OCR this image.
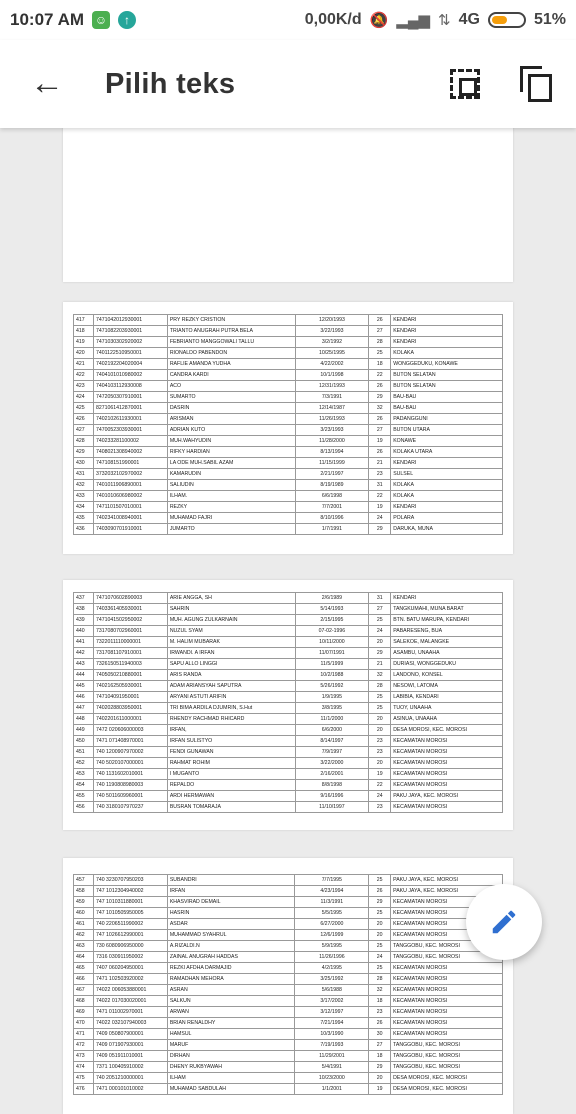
10:07 AM ☺	↑	0,00K/d 🔕 ▂▄▆ ⇅ 4G	51%
← Pilih teks

417	7471042012930001	PRY REZKY CRISTION	12/20/1993	26	KENDARI
418	7471082203930001	TRIANTO ANUGRAH PUTRA BELA	3/22/1993	27	KENDARI
419	7471030302920002	FEBRIANTO MANGGOWALI TALLU	3/2/1992	28	KENDARI
420	7401122510950001	RIONALDO PABENDON	10/25/1995	25	KOLAKA
421	7402192204020004	RAFLIE AMANDA YUDHA	4/22/2002	18	WONGGEDUKU, KONAWE
422	7404101010980002	CANDRA KARDI	10/1/1998	22	BUTON SELATAN
423	7404103112930008	ACO	12/31/1993	26	BUTON SELATAN
424	7472050307910001	SUMARTO	7/3/1991	29	BAU-BAU
425	8271061412870001	DASRIN	12/14/1987	32	BAU-BAU
426	7402102611930001	ARISMAN	11/26/1993	26	PADANGGUNI
427	7470052303930001	ADRIAN KUTO	3/23/1993	27	BUTON UTARA
428	740233281100002	MUH.WAHYUDIN	11/28/2000	19	KONAWE
429	7408021308940002	RIFKY HARDIAN	8/13/1994	26	KOLAKA UTARA
430	747108151990001	LA ODE MUH.SABIL AZAM	11/15/1999	21	KENDARI
431	3732032102970002	KAMARUDIN	2/21/1997	23	SULSEL
432	7401011906890001	SALIUDIN	8/19/1989	31	KOLAKA
433	7401010606980002	ILHAM.	6/6/1998	22	KOLAKA
434	7471101507010001	REZKY	7/7/2001	19	KENDARI
435	7402341008940001	MUHAMAD FAJRI	8/10/1996	24	POLARA
436	7403090701910001	JUMARTO	1/7/1991	29	DARUKA, MUNA
437	7471070602890003	ARIE ANGGA, SH	2/6/1989	31	KENDARI
438	7403361405930001	SAHRIN	5/14/1993	27	TANGKUMAHI, MUNA BARAT
439	7471041502950002	MUH. AGUNG ZULKARNAIN	2/15/1995	25	BTN. BATU MARUPA, KENDARI
440	7317080702960001	NUZUL SYAM	07-02-1996	24	PABARESENG, BUA
441	7322011110000001	M. HALIM MUBARAK	10/11/2000	20	SALEKOE, MALANGKE
442	7317081107910001	IRWANDI. A IRFAN	11/07/1991	29	ASAMBU, UNAAHA
443	7326150511940003	SAPU ALLO LINGGI	11/5/1999	21	DURIASI, WONGGEDUKU
444	7405050210880001	ARIS RANDA	10/2/1988	32	LANDONO, KONSEL
445	7402162505930001	ADAM ARIANSYAH SAPUTRA	5/26/1992	28	NESOWI, LATOMA
446	747104091950001	ARYANI ASTUTI ARIFIN	1/9/1995	25	LABIBIA, KENDARI
447	7402028803950001	TRI BIMA ARDILA DJUMRIN, S.Hut	3/8/1995	25	TUOY, UNAAHA
448	7402201611000001	RHENDY RACHMAD RHICARD	11/1/2000	20	ASINUA, UNAAHA
449	7472 020606000003	IRFAN,	6/6/2000	20	DESA MOROSI, KEC. MOROSI
450	7471 071408970001	IRFAN SULISTYO	8/14/1997	23	KECAMATAN MOROSI
451	740 1200907970002	FENDI GUNAWAN	7/9/1997	23	KECAMATAN MOROSI
452	740 5020107000001	RAHMAT ROHIM	3/22/2000	20	KECAMATAN MOROSI
453	740 1131602010001	I MUGANTO	2/16/2001	19	KECAMATAN MOROSI
454	740 1190808980003	REPALDO	8/8/1998	22	KECAMATAN MOROSI
455	740 5011609960001	ARDI HERMAWAN	9/16/1996	24	PAKU JAYA, KEC. MOROSI
456	740 3180107970237	BUSRAN TOMARAJA	11/10/1997	23	KECAMATAN MOROSI
457	740 3230707950203	SUBANDRI	7/7/1995	25	PAKU JAYA, KEC. MOROSI
458	747 1012304940002	IRFAN	4/23/1994	26	PAKU JAYA, KEC. MOROSI
459	747 1010311880001	KHASVIRAD DEMAIL	11/3/1991	29	KECAMATAN MOROSI
460	747 1010505950005	HASRIN	5/5/1995	25	KECAMATAN MOROSI
461	740 2206511990002	ASDAR	6/27/2000	20	KECAMATAN MOROSI
462	747 1026612990001	MUHAMMAD SYAHRUL	12/6/1999	20	KECAMATAN MOROSI
463	730 6080906950000	A.RIZALDI.N	5/9/1995	25	TANGGOBU, KEC. MOROSI
464	7316 030911950002	ZAINAL ANUGRAH HADDAS	11/26/1996	24	TANGGOBU, KEC. MOROSI
465	7407 060204950001	REZKI AFDHA DARMAJID	4/2/1995	25	KECAMATAN MOROSI
466	7471 102503920002	RAMADHAN MEHORA	3/25/1992	28	KECAMATAN MOROSI
467	74022 006053880001	ASRAN	5/6/1988	32	KECAMATAN MOROSI
468	74022 017030020001	SALKUN	3/17/2002	18	KECAMATAN MOROSI
469	7471 011002970001	ARWAN	3/12/1997	23	KECAMATAN MOROSI
470	74022 032107940003	BRIAN RENALDHY	7/21/1994	26	KECAMATAN MOROSI
471	7409 050807900001	HAMSUL	10/3/1990	30	KECAMATAN MOROSI
472	7409 071907930001	MARUF	7/19/1993	27	TANGGOBU, KEC. MOROSI
473	7409 051911010001	DIRHAN	11/29/2001	18	TANGGOBU, KEC. MOROSI
474	7371 100405910002	DHENY RUKBYAWAH	5/4/1991	29	TANGGOBU, KEC. MOROSI
475	740 2051210000001	ILHAM	10/23/2000	20	DESA MOROSI, KEC. MOROSI
476	7471 000101010002	MUHAMAD SABDULAH	1/1/2001	19	DESA MOROSI, KEC. MOROSI
